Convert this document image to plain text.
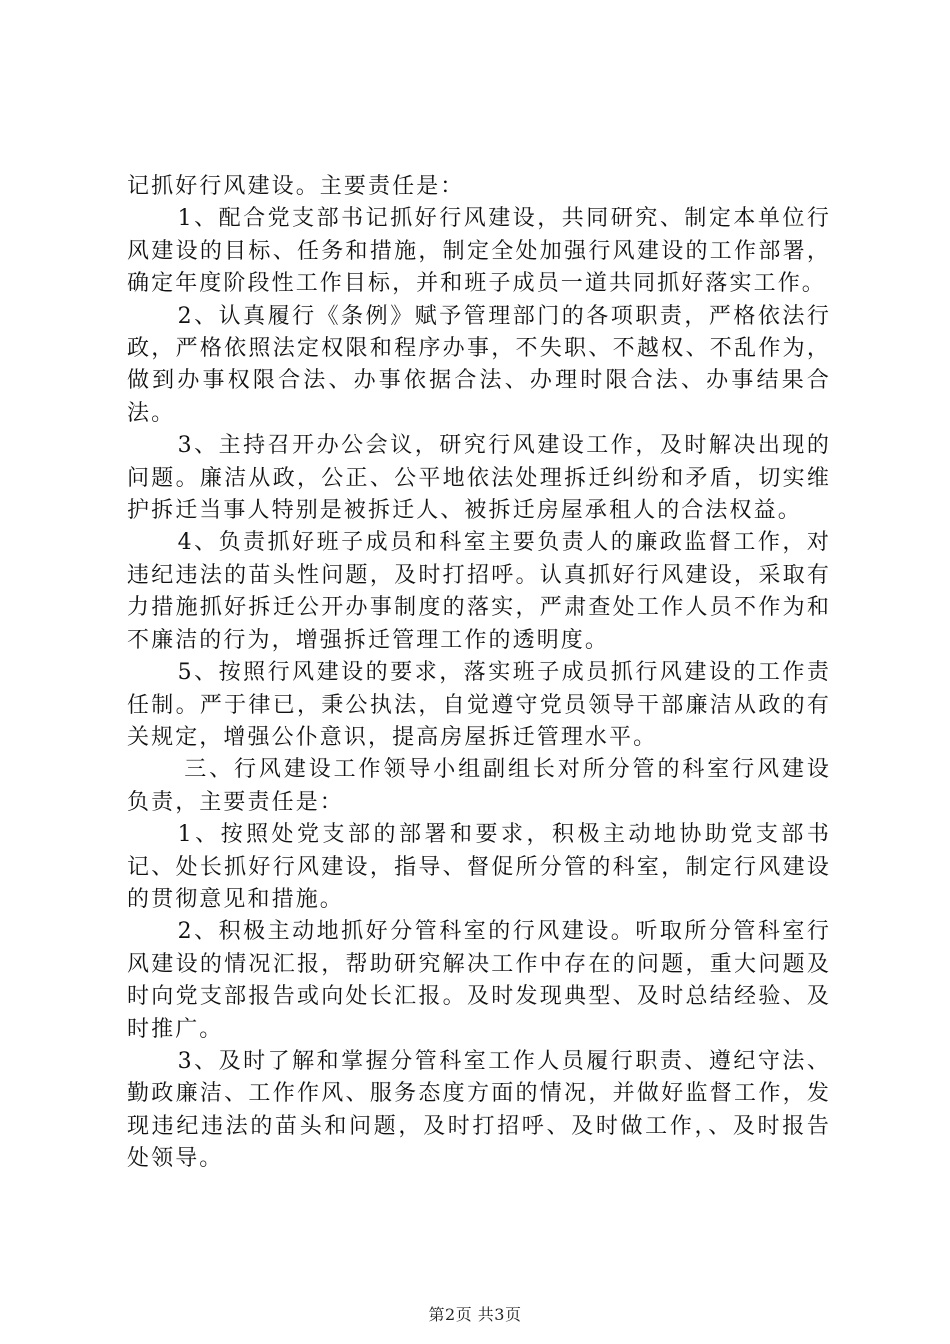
记抓好行风建设。主要责任是：

1、配合党支部书记抓好行风建设，共同研究、制定本单位行风建设的目标、任务和措施，制定全处加强行风建设的工作部署，确定年度阶段性工作目标，并和班子成员一道共同抓好落实工作。

2、认真履行《条例》赋予管理部门的各项职责，严格依法行政，严格依照法定权限和程序办事，不失职、不越权、不乱作为，做到办事权限合法、办事依据合法、办理时限合法、办事结果合法。

3、主持召开办公会议，研究行风建设工作，及时解决出现的问题。廉洁从政，公正、公平地依法处理拆迁纠纷和矛盾，切实维护拆迁当事人特别是被拆迁人、被拆迁房屋承租人的合法权益。

4、负责抓好班子成员和科室主要负责人的廉政监督工作，对违纪违法的苗头性问题，及时打招呼。认真抓好行风建设，采取有力措施抓好拆迁公开办事制度的落实，严肃查处工作人员不作为和不廉洁的行为，增强拆迁管理工作的透明度。

5、按照行风建设的要求，落实班子成员抓行风建设的工作责任制。严于律已，秉公执法，自觉遵守党员领导干部廉洁从政的有关规定，增强公仆意识，提高房屋拆迁管理水平。

三、行风建设工作领导小组副组长对所分管的科室行风建设负责，主要责任是：

1、按照处党支部的部署和要求，积极主动地协助党支部书记、处长抓好行风建设，指导、督促所分管的科室，制定行风建设的贯彻意见和措施。

2、积极主动地抓好分管科室的行风建设。听取所分管科室行风建设的情况汇报，帮助研究解决工作中存在的问题，重大问题及时向党支部报告或向处长汇报。及时发现典型、及时总结经验、及时推广。

3、及时了解和掌握分管科室工作人员履行职责、遵纪守法、勤政廉洁、工作作风、服务态度方面的情况，并做好监督工作，发现违纪违法的苗头和问题，及时打招呼、及时做工作，、及时报告处领导。

第2页 共3页
